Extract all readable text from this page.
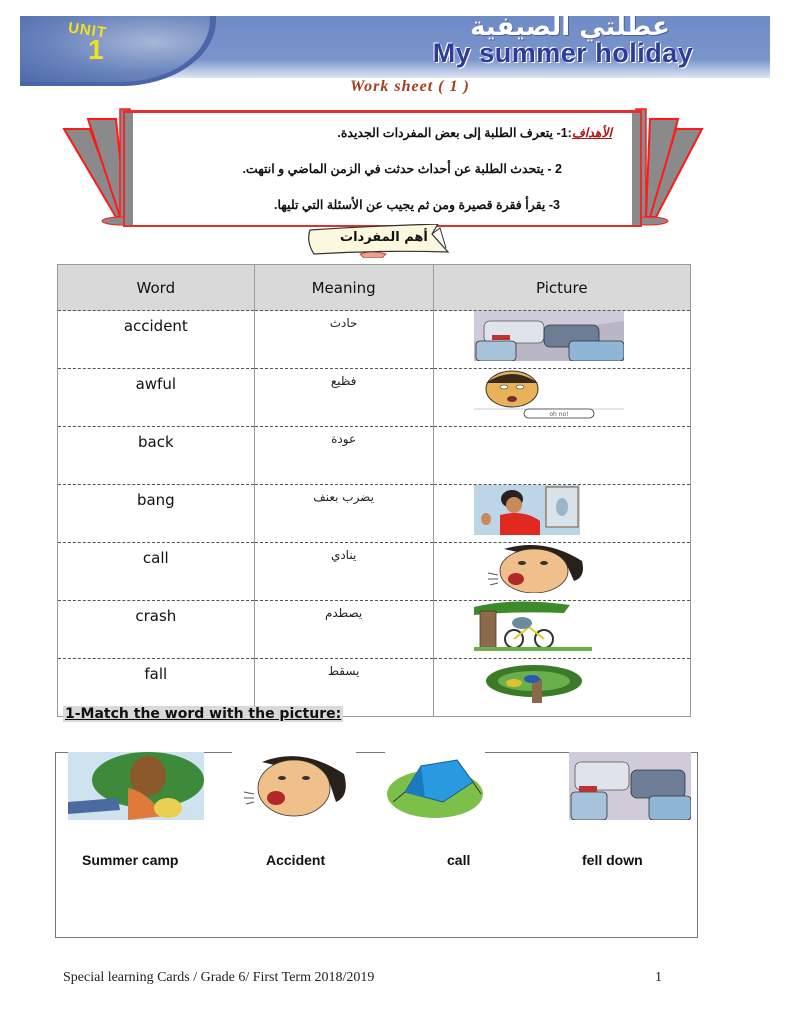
UNIT
1
عطلتي الصيفية
My summer holiday
Work sheet ( 1 )
الأهداف:1- يتعرف الطلبة إلى بعض المفردات الجديدة.
2 - يتحدث الطلبة عن أحداث حدثت في الزمن الماضي و انتهت.
3- يقرأ فقرة قصيرة ومن ثم يجيب عن الأسئلة التي تليها.
أهم المفردات
Word	Meaning	Picture
accident	حادث	

awful	فظيع	oh no!

back	عودة	
bang	يضرب بعنف	

call	ينادي	

crash	يصطدم	

fall	يسقط	
1-Match the word with the picture:
Summer camp	Accident	call	fell down
Special learning Cards / Grade 6/ First Term 2018/2019	1
